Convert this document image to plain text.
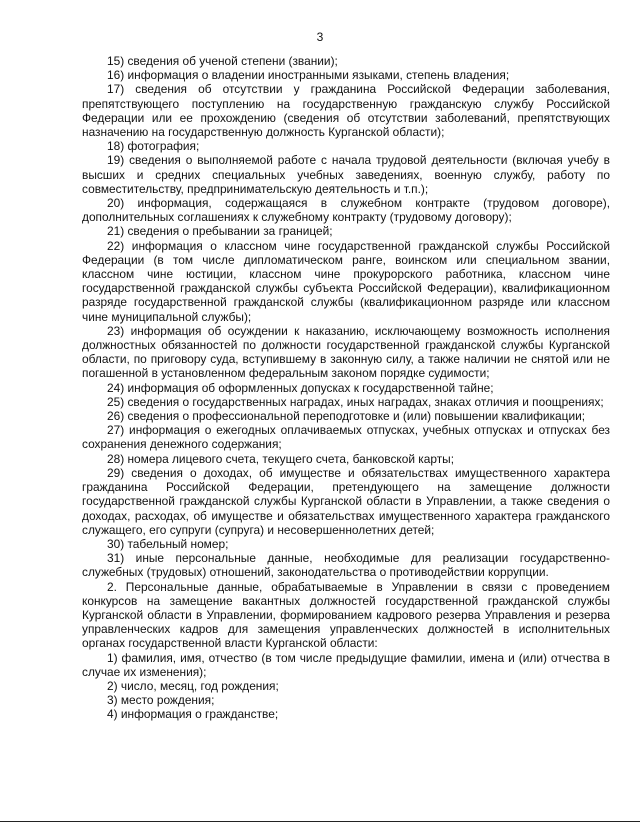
3

15) сведения об ученой степени (звании);

16) информация о владении иностранными языками, степень владения;

17) сведения об отсутствии у гражданина Российской Федерации заболевания, препятствующего поступлению на государственную гражданскую службу Российской Федерации или ее прохождению (сведения об отсутствии заболеваний, препятствующих назначению на государственную должность Курганской области);

18) фотография;

19) сведения о выполняемой работе с начала трудовой деятельности (включая учебу в высших и средних специальных учебных заведениях, военную службу, работу по совместительству, предпринимательскую деятельность и т.п.);

20) информация, содержащаяся в служебном контракте (трудовом договоре), дополнительных соглашениях к служебному контракту (трудовому договору);

21) сведения о пребывании за границей;

22) информация о классном чине государственной гражданской службы Российской Федерации (в том числе дипломатическом ранге, воинском или специальном звании, классном чине юстиции, классном чине прокурорского работника, классном чине государственной гражданской службы субъекта Российской Федерации), квалификационном разряде государственной гражданской службы (квалификационном разряде или классном чине муниципальной службы);

23) информация об осуждении к наказанию, исключающему возможность исполнения должностных обязанностей по должности государственной гражданской службы Курганской области, по приговору суда, вступившему в законную силу, а также наличии не снятой или не погашенной в установленном федеральным законом порядке судимости;

24) информация об оформленных допусках к государственной тайне;

25) сведения о государственных наградах, иных наградах, знаках отличия и поощрениях;

26) сведения о профессиональной переподготовке и (или) повышении квалификации;

27) информация о ежегодных оплачиваемых отпусках, учебных отпусках и отпусках без сохранения денежного содержания;

28) номера лицевого счета, текущего счета, банковской карты;

29) сведения о доходах, об имуществе и обязательствах имущественного характера гражданина Российской Федерации, претендующего на замещение должности государственной гражданской службы Курганской области в Управлении, а также сведения о доходах, расходах, об имуществе и обязательствах имущественного характера гражданского служащего, его супруги (супруга) и несовершеннолетних детей;

30) табельный номер;

31) иные персональные данные, необходимые для реализации государственно-служебных (трудовых) отношений, законодательства о противодействии коррупции.

2. Персональные данные, обрабатываемые в Управлении в связи с проведением конкурсов на замещение вакантных должностей государственной гражданской службы Курганской области в Управлении, формированием кадрового резерва Управления и резерва управленческих кадров для замещения управленческих должностей в исполнительных органах государственной власти Курганской области:

1) фамилия, имя, отчество (в том числе предыдущие фамилии, имена и (или) отчества в случае их изменения);

2) число, месяц, год рождения;

3) место рождения;

4) информация о гражданстве;
